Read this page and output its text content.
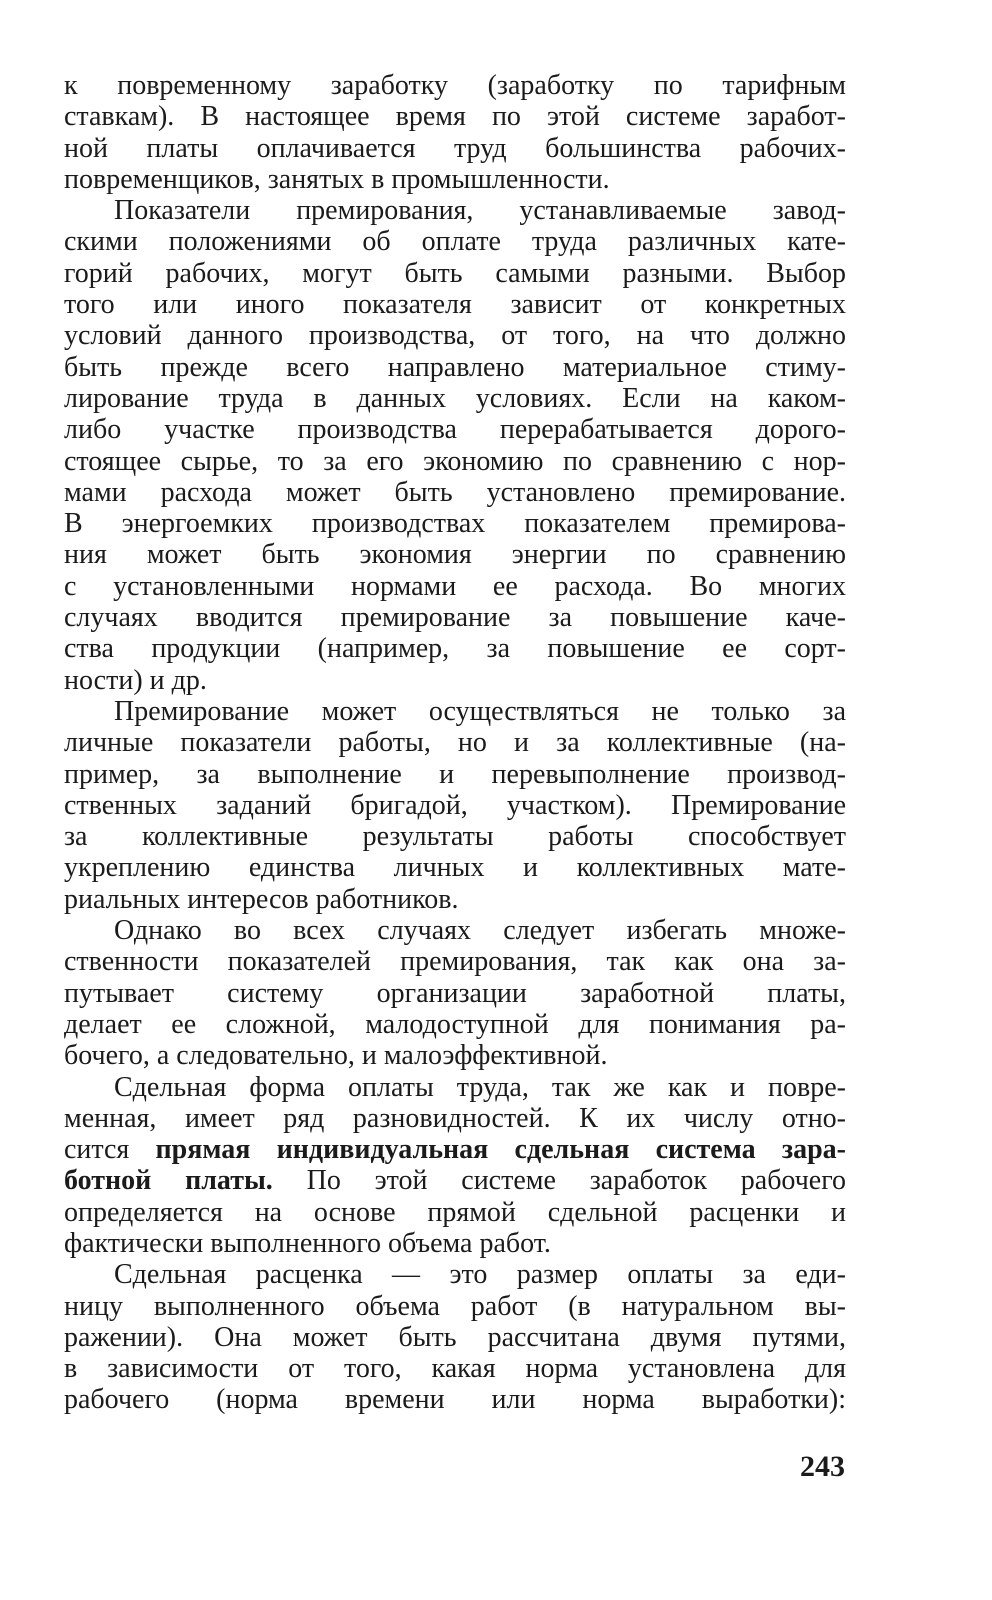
к повременному заработку (заработку по тарифным
ставкам). В настоящее время по этой системе заработ-
ной платы оплачивается труд большинства рабочих-
повременщиков, занятых в промышленности.

Показатели премирования, устанавливаемые завод-
скими положениями об оплате труда различных кате-
горий рабочих, могут быть самыми разными. Выбор
того или иного показателя зависит от конкретных
условий данного производства, от того, на что должно
быть прежде всего направлено материальное стиму-
лирование труда в данных условиях. Если на каком-
либо участке производства перерабатывается дорого-
стоящее сырье, то за его экономию по сравнению с нор-
мами расхода может быть установлено премирование.
В энергоемких производствах показателем премирова-
ния может быть экономия энергии по сравнению
с установленными нормами ее расхода. Во многих
случаях вводится премирование за повышение каче-
ства продукции (например, за повышение ее сорт-
ности) и др.

Премирование может осуществляться не только за
личные показатели работы, но и за коллективные (на-
пример, за выполнение и перевыполнение производ-
ственных заданий бригадой, участком). Премирование
за коллективные результаты работы способствует
укреплению единства личных и коллективных мате-
риальных интересов работников.

Однако во всех случаях следует избегать множе-
ственности показателей премирования, так как она за-
путывает систему организации заработной платы,
делает ее сложной, малодоступной для понимания ра-
бочего, а следовательно, и малоэффективной.

Сдельная форма оплаты труда, так же как и повре-
менная, имеет ряд разновидностей. К их числу отно-
сится прямая индивидуальная сдельная система зара-
ботной платы. По этой системе заработок рабочего
определяется на основе прямой сдельной расценки и
фактически выполненного объема работ.

Сдельная расценка — это размер оплаты за еди-
ницу выполненного объема работ (в натуральном вы-
ражении). Она может быть рассчитана двумя путями,
в зависимости от того, какая норма установлена для
рабочего (норма времени или норма выработки):

243
